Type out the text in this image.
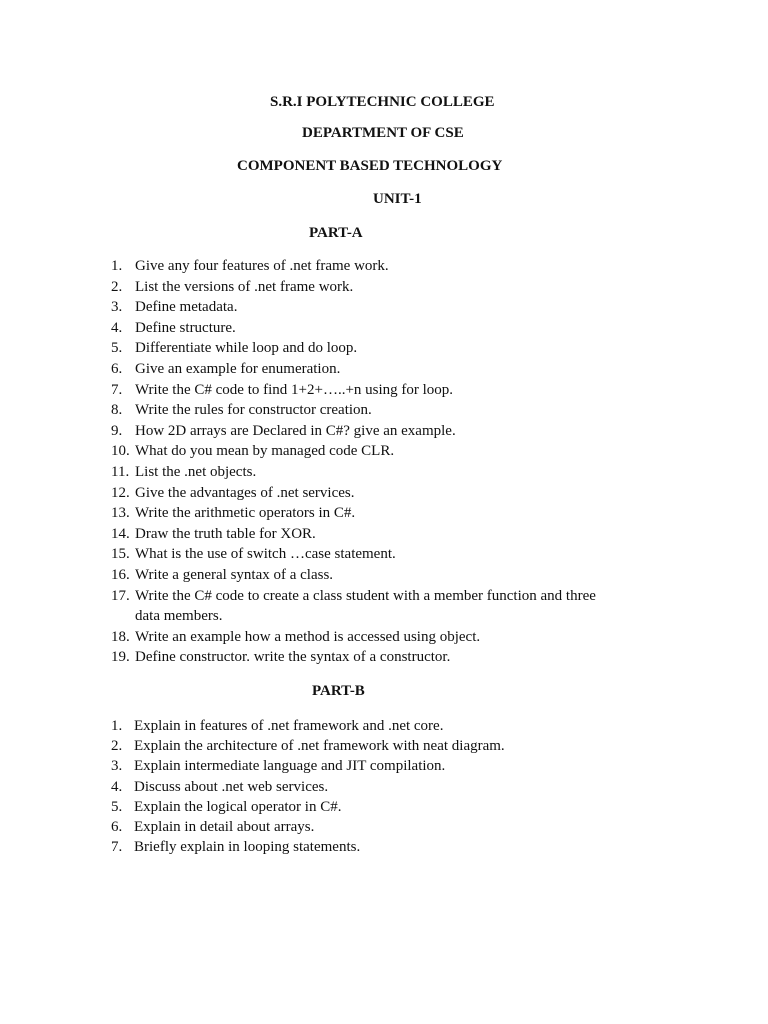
S.R.I POLYTECHNIC COLLEGE
DEPARTMENT OF CSE
COMPONENT BASED TECHNOLOGY
UNIT-1
PART-A
1. Give any four features of .net frame work.
2. List the versions of .net frame work.
3. Define metadata.
4. Define structure.
5. Differentiate while loop and do loop.
6. Give an example for enumeration.
7. Write the C# code to find 1+2+…..+n using for loop.
8. Write the rules for constructor creation.
9. How 2D arrays are Declared in C#? give an example.
10. What do you mean by managed code CLR.
11. List the .net objects.
12. Give the advantages of .net services.
13. Write the arithmetic operators in C#.
14. Draw the truth table for XOR.
15. What is the use of switch …case statement.
16. Write a general syntax of a class.
17. Write the C# code to create a class student with a member function and three data members.
18. Write an example how a method is accessed using object.
19. Define constructor. write the syntax of a constructor.
PART-B
1. Explain in features of .net framework and .net core.
2. Explain the architecture of .net framework with neat diagram.
3. Explain intermediate language and JIT compilation.
4. Discuss about .net web services.
5. Explain the logical operator in C#.
6. Explain in detail about arrays.
7. Briefly explain in looping statements.
